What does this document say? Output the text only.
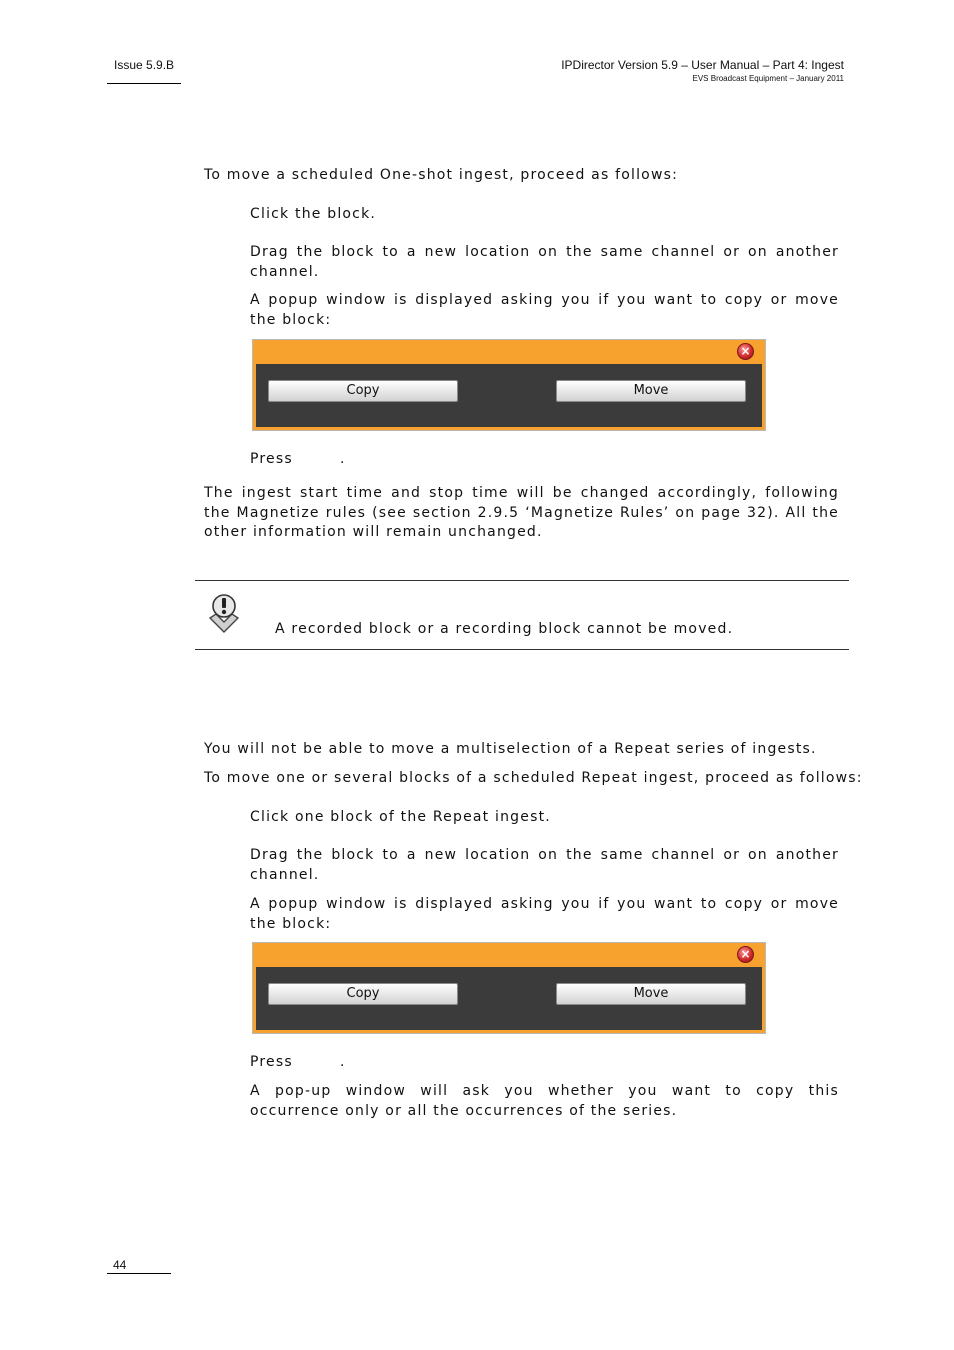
Issue 5.9.B	IPDirector Version 5.9 – User Manual – Part 4: Ingest
EVS Broadcast Equipment – January 2011
To move a scheduled One-shot ingest, proceed as follows:
Click the block.
Drag the block to a new location on the same channel or on another channel.
A popup window is displayed asking you if you want to copy or move the block:
×
Copy	Move
Press	.
The ingest start time and stop time will be changed accordingly, following the Magnetize rules (see section 2.9.5 ‘Magnetize Rules’ on page 32). All the other information will remain unchanged.
A recorded block or a recording block cannot be moved.
You will not be able to move a multiselection of a Repeat series of ingests.
To move one or several blocks of a scheduled Repeat ingest, proceed as follows:
Click one block of the Repeat ingest.
Drag the block to a new location on the same channel or on another channel.
A popup window is displayed asking you if you want to copy or move the block:
×
Copy	Move
Press	.
A pop-up window will ask you whether you want to copy this occurrence only or all the occurrences of the series.
44
